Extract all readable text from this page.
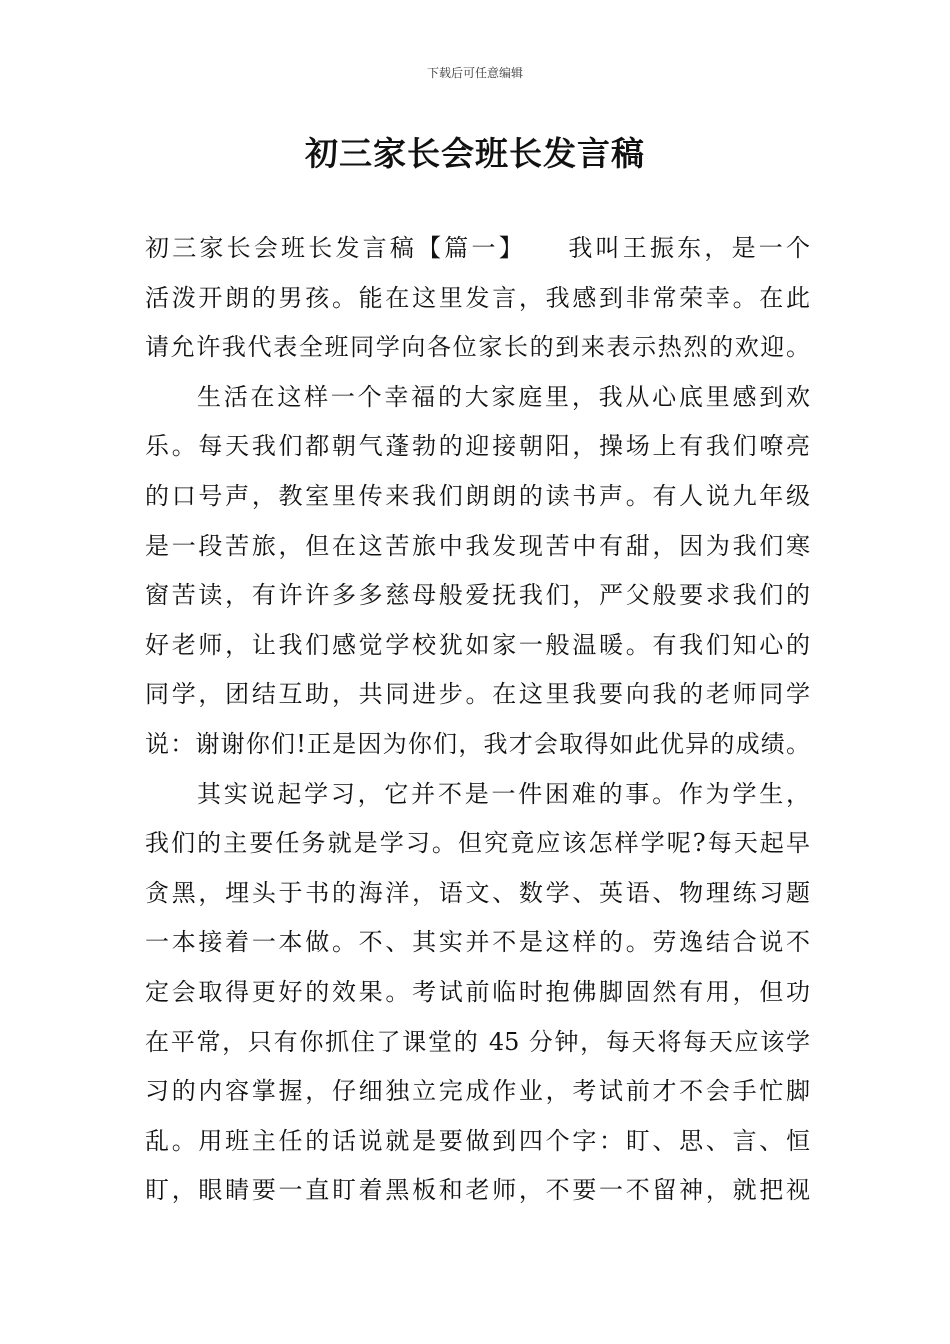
下载后可任意编辑
初三家长会班长发言稿
初三家长会班长发言稿【篇一】　　我叫王振东，是一个
活泼开朗的男孩。能在这里发言，我感到非常荣幸。在此
请允许我代表全班同学向各位家长的到来表示热烈的欢迎。
生活在这样一个幸福的大家庭里，我从心底里感到欢
乐。每天我们都朝气蓬勃的迎接朝阳，操场上有我们嘹亮
的口号声，教室里传来我们朗朗的读书声。有人说九年级
是一段苦旅，但在这苦旅中我发现苦中有甜，因为我们寒
窗苦读，有许许多多慈母般爱抚我们，严父般要求我们的
好老师，让我们感觉学校犹如家一般温暖。有我们知心的
同学，团结互助，共同进步。在这里我要向我的老师同学
说：谢谢你们!正是因为你们，我才会取得如此优异的成绩。
其实说起学习，它并不是一件困难的事。作为学生，
我们的主要任务就是学习。但究竟应该怎样学呢?每天起早
贪黑，埋头于书的海洋，语文、数学、英语、物理练习题
一本接着一本做。不、其实并不是这样的。劳逸结合说不
定会取得更好的效果。考试前临时抱佛脚固然有用，但功
在平常，只有你抓住了课堂的 45 分钟，每天将每天应该学
习的内容掌握，仔细独立完成作业，考试前才不会手忙脚
乱。用班主任的话说就是要做到四个字：盯、思、言、恒
盯，眼睛要一直盯着黑板和老师，不要一不留神，就把视
